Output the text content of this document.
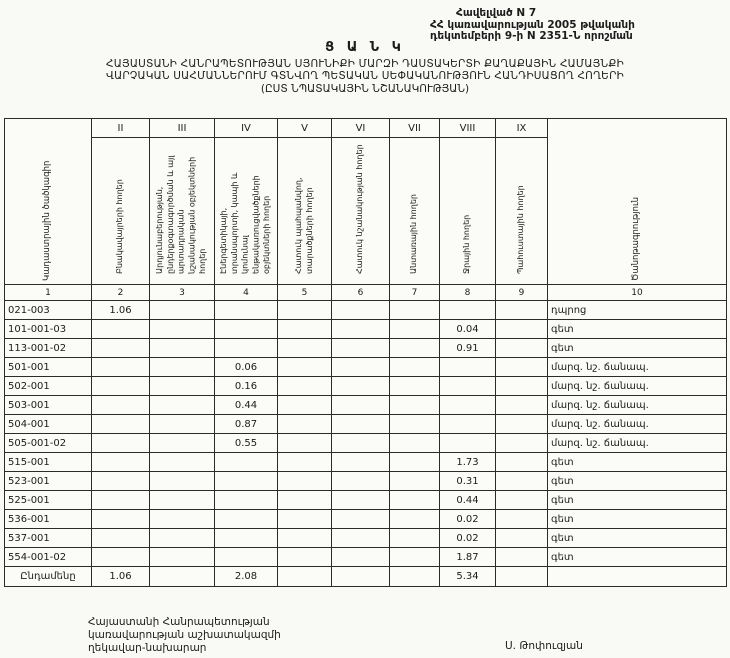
Հավելված N 7
ՀՀ կառավարության 2005 թվականի
դեկտեմբերի 9-ի N 2351-Ն որոշման
Ց Ա Ն Կ
ՀԱՅԱՍՏԱՆԻ ՀԱՆՐԱՊԵՏՈՒԹՅԱՆ ՍՅՈՒՆԻՔԻ ՄԱՐԶԻ ԴԱՍՏԱԿԵՐՏԻ ՔԱՂԱՔԱՅԻՆ ՀԱՄԱՅՆՔԻ
ՎԱՐՉԱԿԱՆ ՍԱՀՄԱՆՆԵՐՈՒՄ ԳՏՆՎՈՂ ՊԵՏԱԿԱՆ ՍԵՓԱԿԱՆՈՒԹՅՈՒՆ ՀԱՆԴԻՍԱՑՈՂ ՀՈՂԵՐԻ
(ԸՍՏ ՆՊԱՏԱԿԱՅԻՆ ՆՇԱՆԱԿՈՒԹՅԱՆ)
Կադաստրային ծածկագիր	II	III	IV	V	VI	VII	VIII	IX	Ծանոթագրություն
	Բնակավայրերի հողեր	Արդյունաբերության, ընդերքօգտագործման և այլ արտադրական նշանակության օբյեկտների հողեր	Էներգետիկայի, տրանսպորտի, կապի և կոմունալ ենթակառուցվածքների օբյեկտների հողեր	Հատուկ պահպանվող, տարածքների հողեր	Հատուկ նշանակության հողեր	Անտառային հողեր	Ջրային հողեր	Պահուստային հողեր	
1	2	3	4	5	6	7	8	9	10
021-003	1.06								դպրոց
101-001-03							0.04		գետ
113-001-02							0.91		գետ
501-001			0.06						մարզ. նշ. ճանապ.
502-001			0.16						մարզ. նշ. ճանապ.
503-001			0.44						մարզ. նշ. ճանապ.
504-001			0.87						մարզ. նշ. ճանապ.
505-001-02			0.55						մարզ. նշ. ճանապ.
515-001							1.73		գետ
523-001							0.31		գետ
525-001							0.44		գետ
536-001							0.02		գետ
537-001							0.02		գետ
554-001-02							1.87		գետ
Ընդամենը	1.06		2.08				5.34		
Հայաստանի Հանրապետության
կառավարության աշխատակազմի
ղեկավար-նախարար	Ս. Թոփուզյան
